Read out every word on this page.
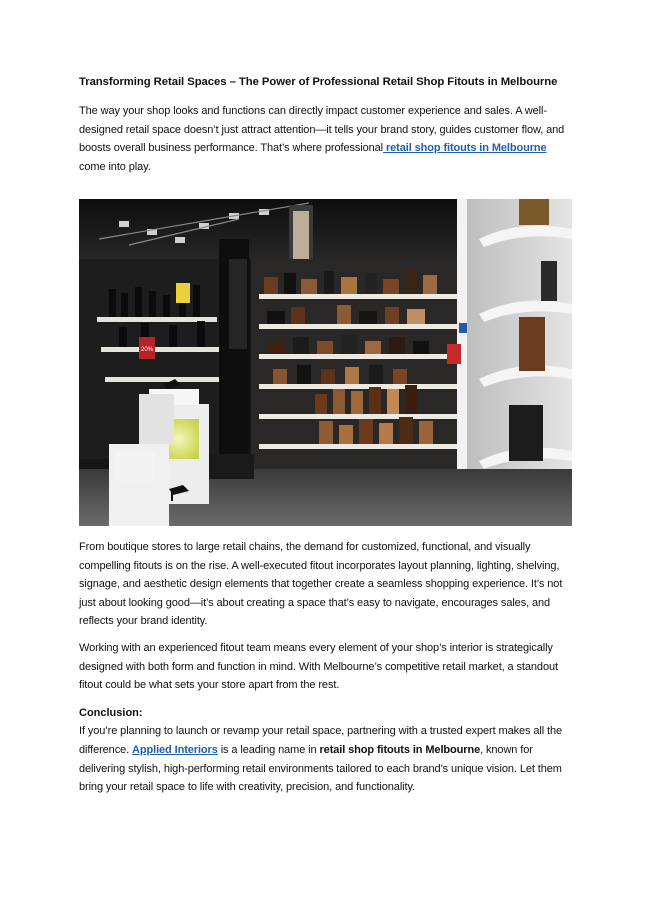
Transforming Retail Spaces – The Power of Professional Retail Shop Fitouts in Melbourne

The way your shop looks and functions can directly impact customer experience and sales. A well-designed retail space doesn’t just attract attention—it tells your brand story, guides customer flow, and boosts overall business performance. That’s where professional retail shop fitouts in Melbourne come into play.

20%

From boutique stores to large retail chains, the demand for customized, functional, and visually compelling fitouts is on the rise. A well-executed fitout incorporates layout planning, lighting, shelving, signage, and aesthetic design elements that together create a seamless shopping experience. It’s not just about looking good—it’s about creating a space that’s easy to navigate, encourages sales, and reflects your brand identity.

Working with an experienced fitout team means every element of your shop’s interior is strategically designed with both form and function in mind. With Melbourne’s competitive retail market, a standout fitout could be what sets your store apart from the rest.

Conclusion:

If you’re planning to launch or revamp your retail space, partnering with a trusted expert makes all the difference. Applied Interiors is a leading name in retail shop fitouts in Melbourne, known for delivering stylish, high-performing retail environments tailored to each brand’s unique vision. Let them bring your retail space to life with creativity, precision, and functionality.
